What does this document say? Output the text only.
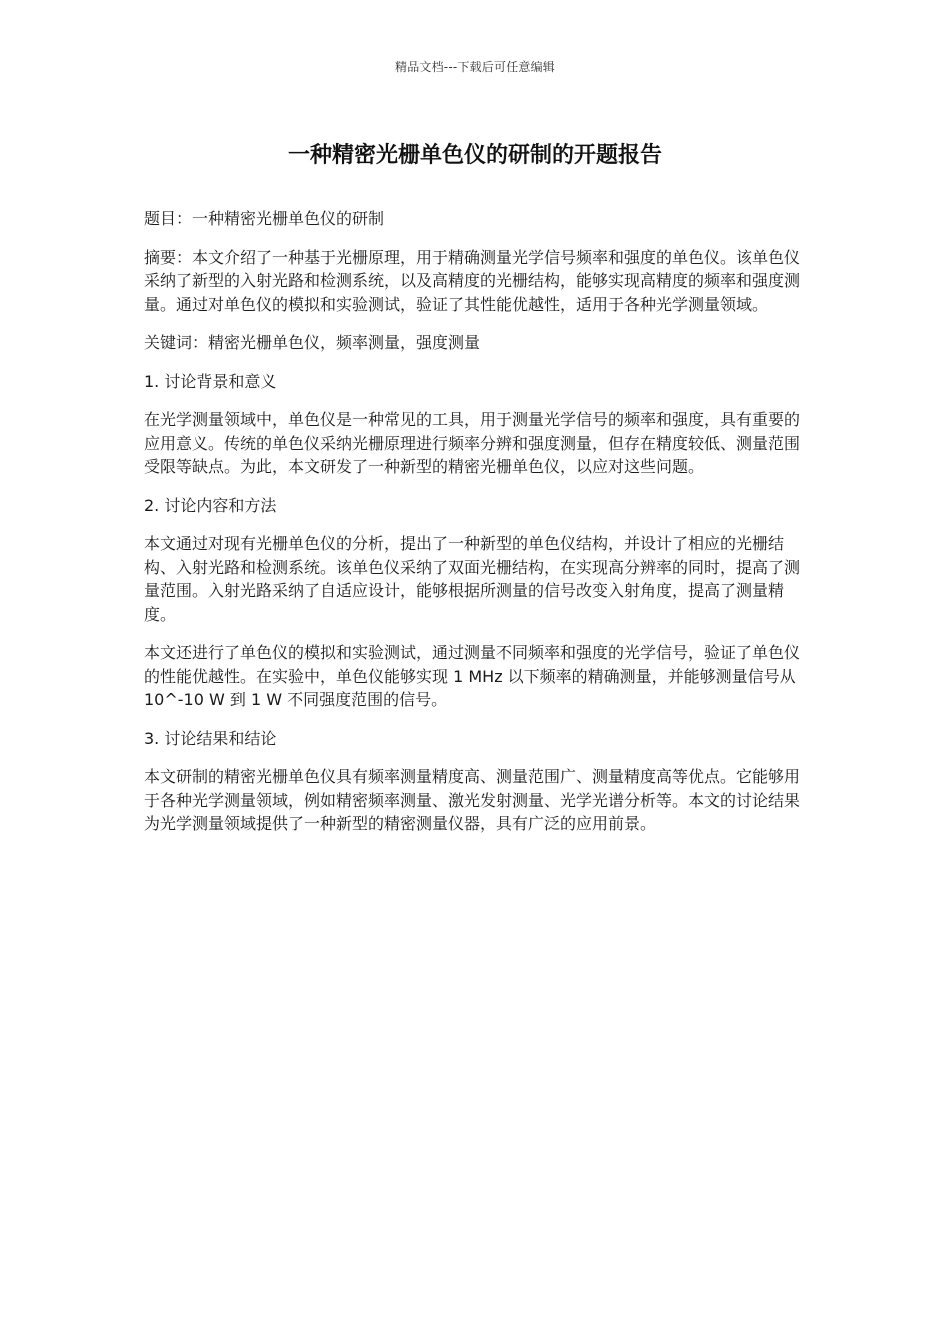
精品文档---下载后可任意编辑
一种精密光栅单色仪的研制的开题报告

题目：一种精密光栅单色仪的研制

摘要：本文介绍了一种基于光栅原理，用于精确测量光学信号频率和强度的单色仪。该单色仪采纳了新型的入射光路和检测系统，以及高精度的光栅结构，能够实现高精度的频率和强度测量。通过对单色仪的模拟和实验测试，验证了其性能优越性，适用于各种光学测量领域。

关键词：精密光栅单色仪，频率测量，强度测量

1. 讨论背景和意义

在光学测量领域中，单色仪是一种常见的工具，用于测量光学信号的频率和强度，具有重要的应用意义。传统的单色仪采纳光栅原理进行频率分辨和强度测量，但存在精度较低、测量范围受限等缺点。为此，本文研发了一种新型的精密光栅单色仪，以应对这些问题。

2. 讨论内容和方法

本文通过对现有光栅单色仪的分析，提出了一种新型的单色仪结构，并设计了相应的光栅结构、入射光路和检测系统。该单色仪采纳了双面光栅结构，在实现高分辨率的同时，提高了测量范围。入射光路采纳了自适应设计，能够根据所测量的信号改变入射角度，提高了测量精度。

本文还进行了单色仪的模拟和实验测试，通过测量不同频率和强度的光学信号，验证了单色仪的性能优越性。在实验中，单色仪能够实现 1 MHz 以下频率的精确测量，并能够测量信号从 10^-10 W 到 1 W 不同强度范围的信号。

3. 讨论结果和结论

本文研制的精密光栅单色仪具有频率测量精度高、测量范围广、测量精度高等优点。它能够用于各种光学测量领域，例如精密频率测量、激光发射测量、光学光谱分析等。本文的讨论结果为光学测量领域提供了一种新型的精密测量仪器，具有广泛的应用前景。
